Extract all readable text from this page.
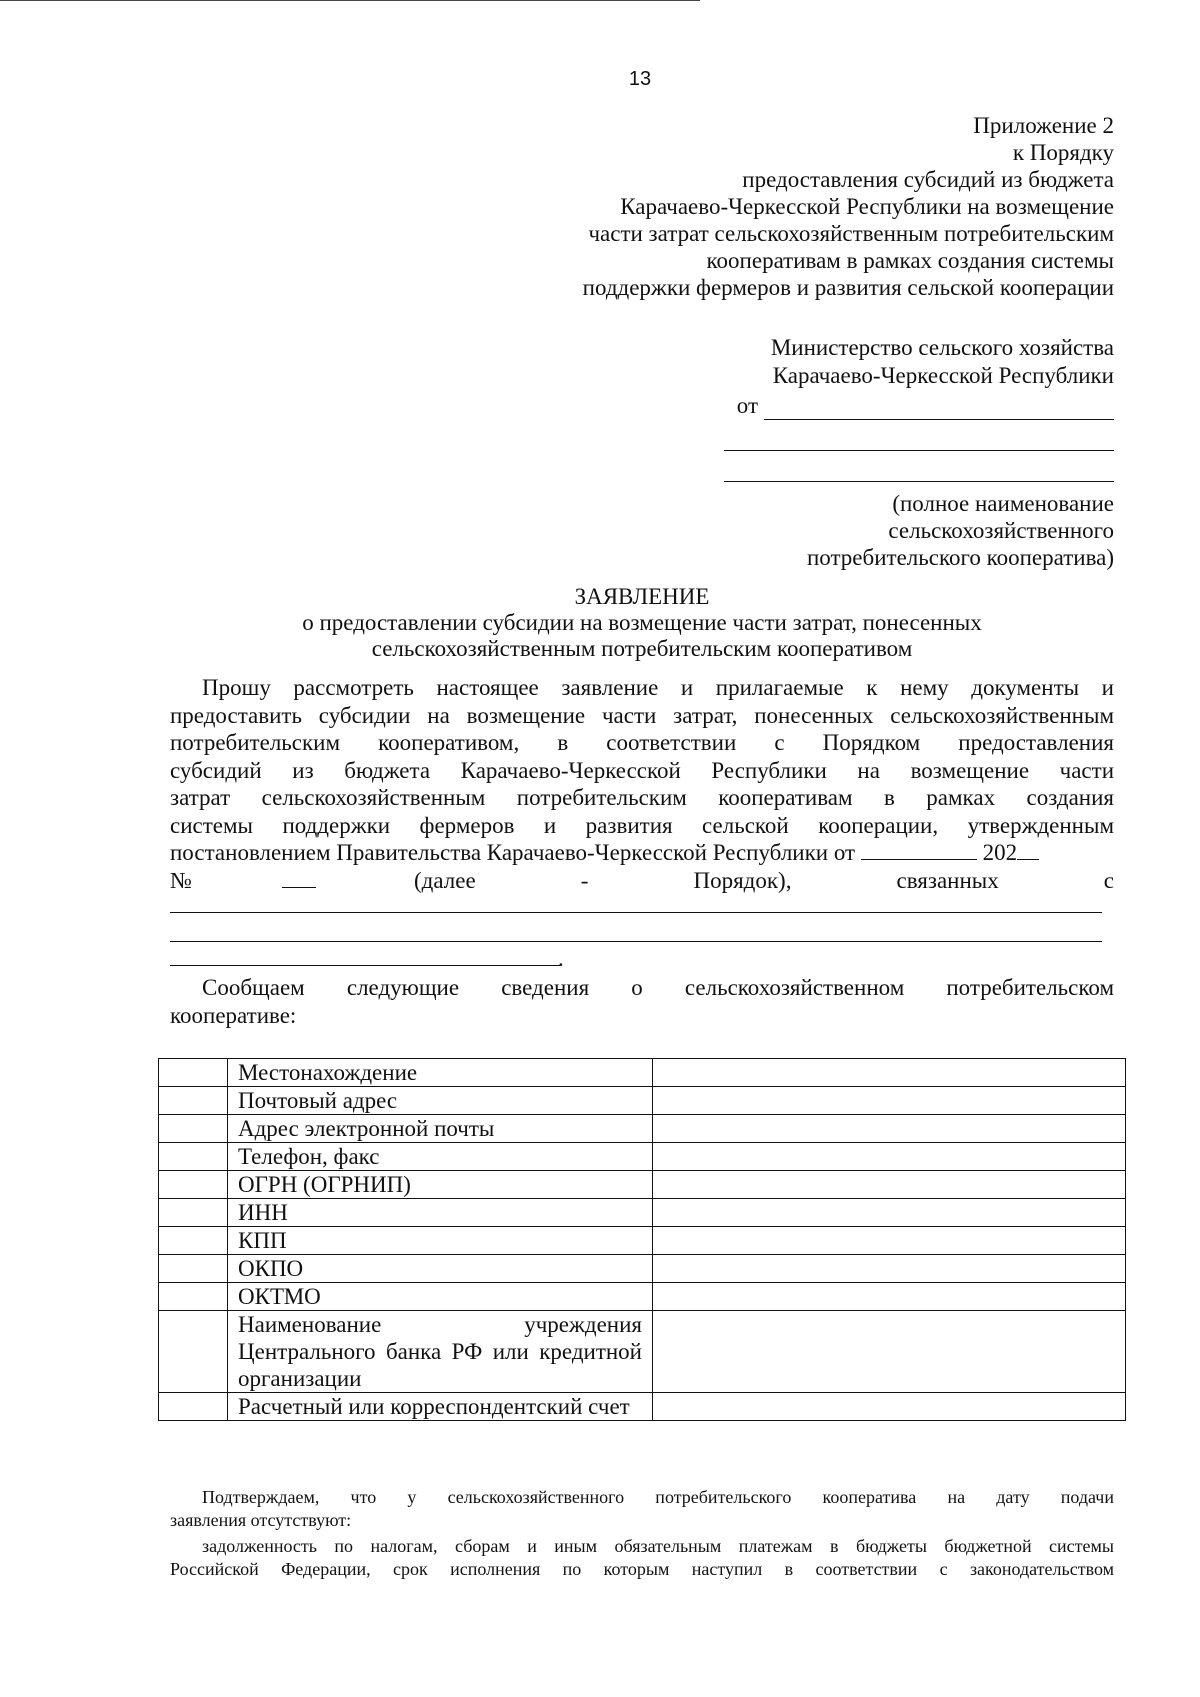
13
Приложение 2
к Порядку
предоставления субсидий из бюджета
Карачаево-Черкесской Республики на возмещение
части затрат сельскохозяйственным потребительским
кооперативам в рамках создания системы
поддержки фермеров и развития сельской кооперации
Министерство сельского хозяйства
Карачаево-Черкесской Республики
от
(полное наименование
сельскохозяйственного
потребительского кооператива)
ЗАЯВЛЕНИЕ
о предоставлении субсидии на возмещение части затрат, понесенных
сельскохозяйственным потребительским кооперативом
Прошу рассмотреть настоящее заявление и прилагаемые к нему документы и
предоставить субсидии на возмещение части затрат, понесенных сельскохозяйственным
потребительским кооперативом, в соответствии с Порядком предоставления
субсидий из бюджета Карачаево-Черкесской Республики на возмещение части
затрат сельскохозяйственным потребительским кооперативам в рамках создания
системы поддержки фермеров и развития сельской кооперации, утвержденным
постановлением Правительства Карачаево-Черкесской Республики от	202
№	(далее - Порядок), связанных с
.
Сообщаем следующие сведения о сельскохозяйственном потребительском
кооперативе:
	Местонахождение	
	Почтовый адрес	
	Адрес электронной почты	
	Телефон, факс	
	ОГРН (ОГРНИП)	
	ИНН	
	КПП	
	ОКПО	
	ОКТМО	
	Наименование учреждения Центрального банка РФ или кредитной организации	
	Расчетный или корреспондентский счет	
Подтверждаем, что у сельскохозяйственного потребительского кооператива на дату подачи
заявления отсутствуют:
задолженность по налогам, сборам и иным обязательным платежам в бюджеты бюджетной системы
Российской Федерации, срок исполнения по которым наступил в соответствии с законодательством
